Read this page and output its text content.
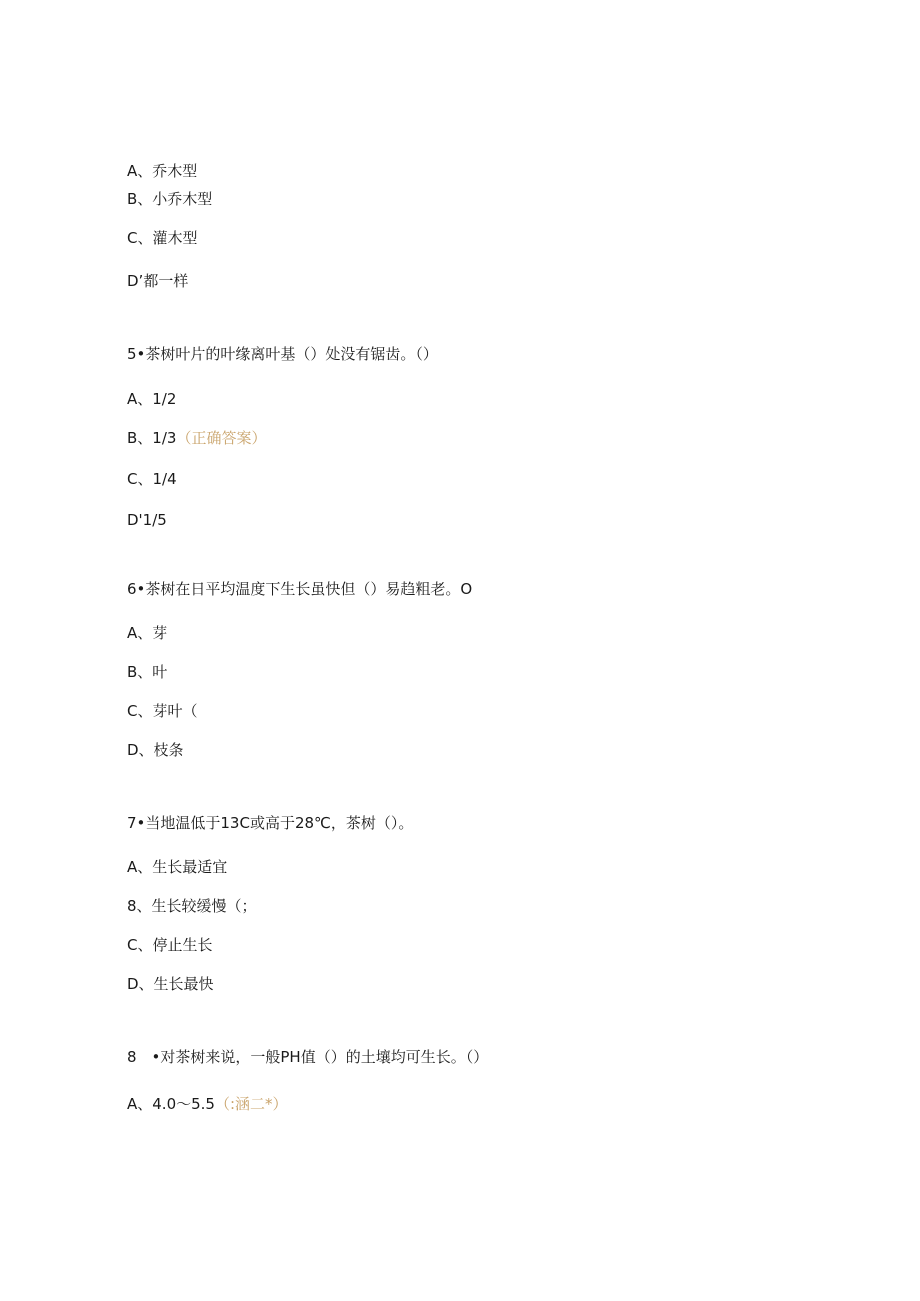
A、乔木型
B、小乔木型
C、灌木型
D’都一样
5•茶树叶片的叶缘离叶基（）处没有锯齿。（）
A、1/2
B、1/3（正确答案）
C、1/4
D'1/5
6•茶树在日平均温度下生长虽快但（）易趋粗老。O
A、芽
B、叶
C、芽叶（
D、枝条
7•当地温低于13C或高于28℃，茶树（）。
A、生长最适宜
8、生长较缓慢（；
C、停止生长
D、生长最快
8　•对茶树来说，一般PH值（）的土壤均可生长。（）
A、4.0～5.5（:涵二*）
